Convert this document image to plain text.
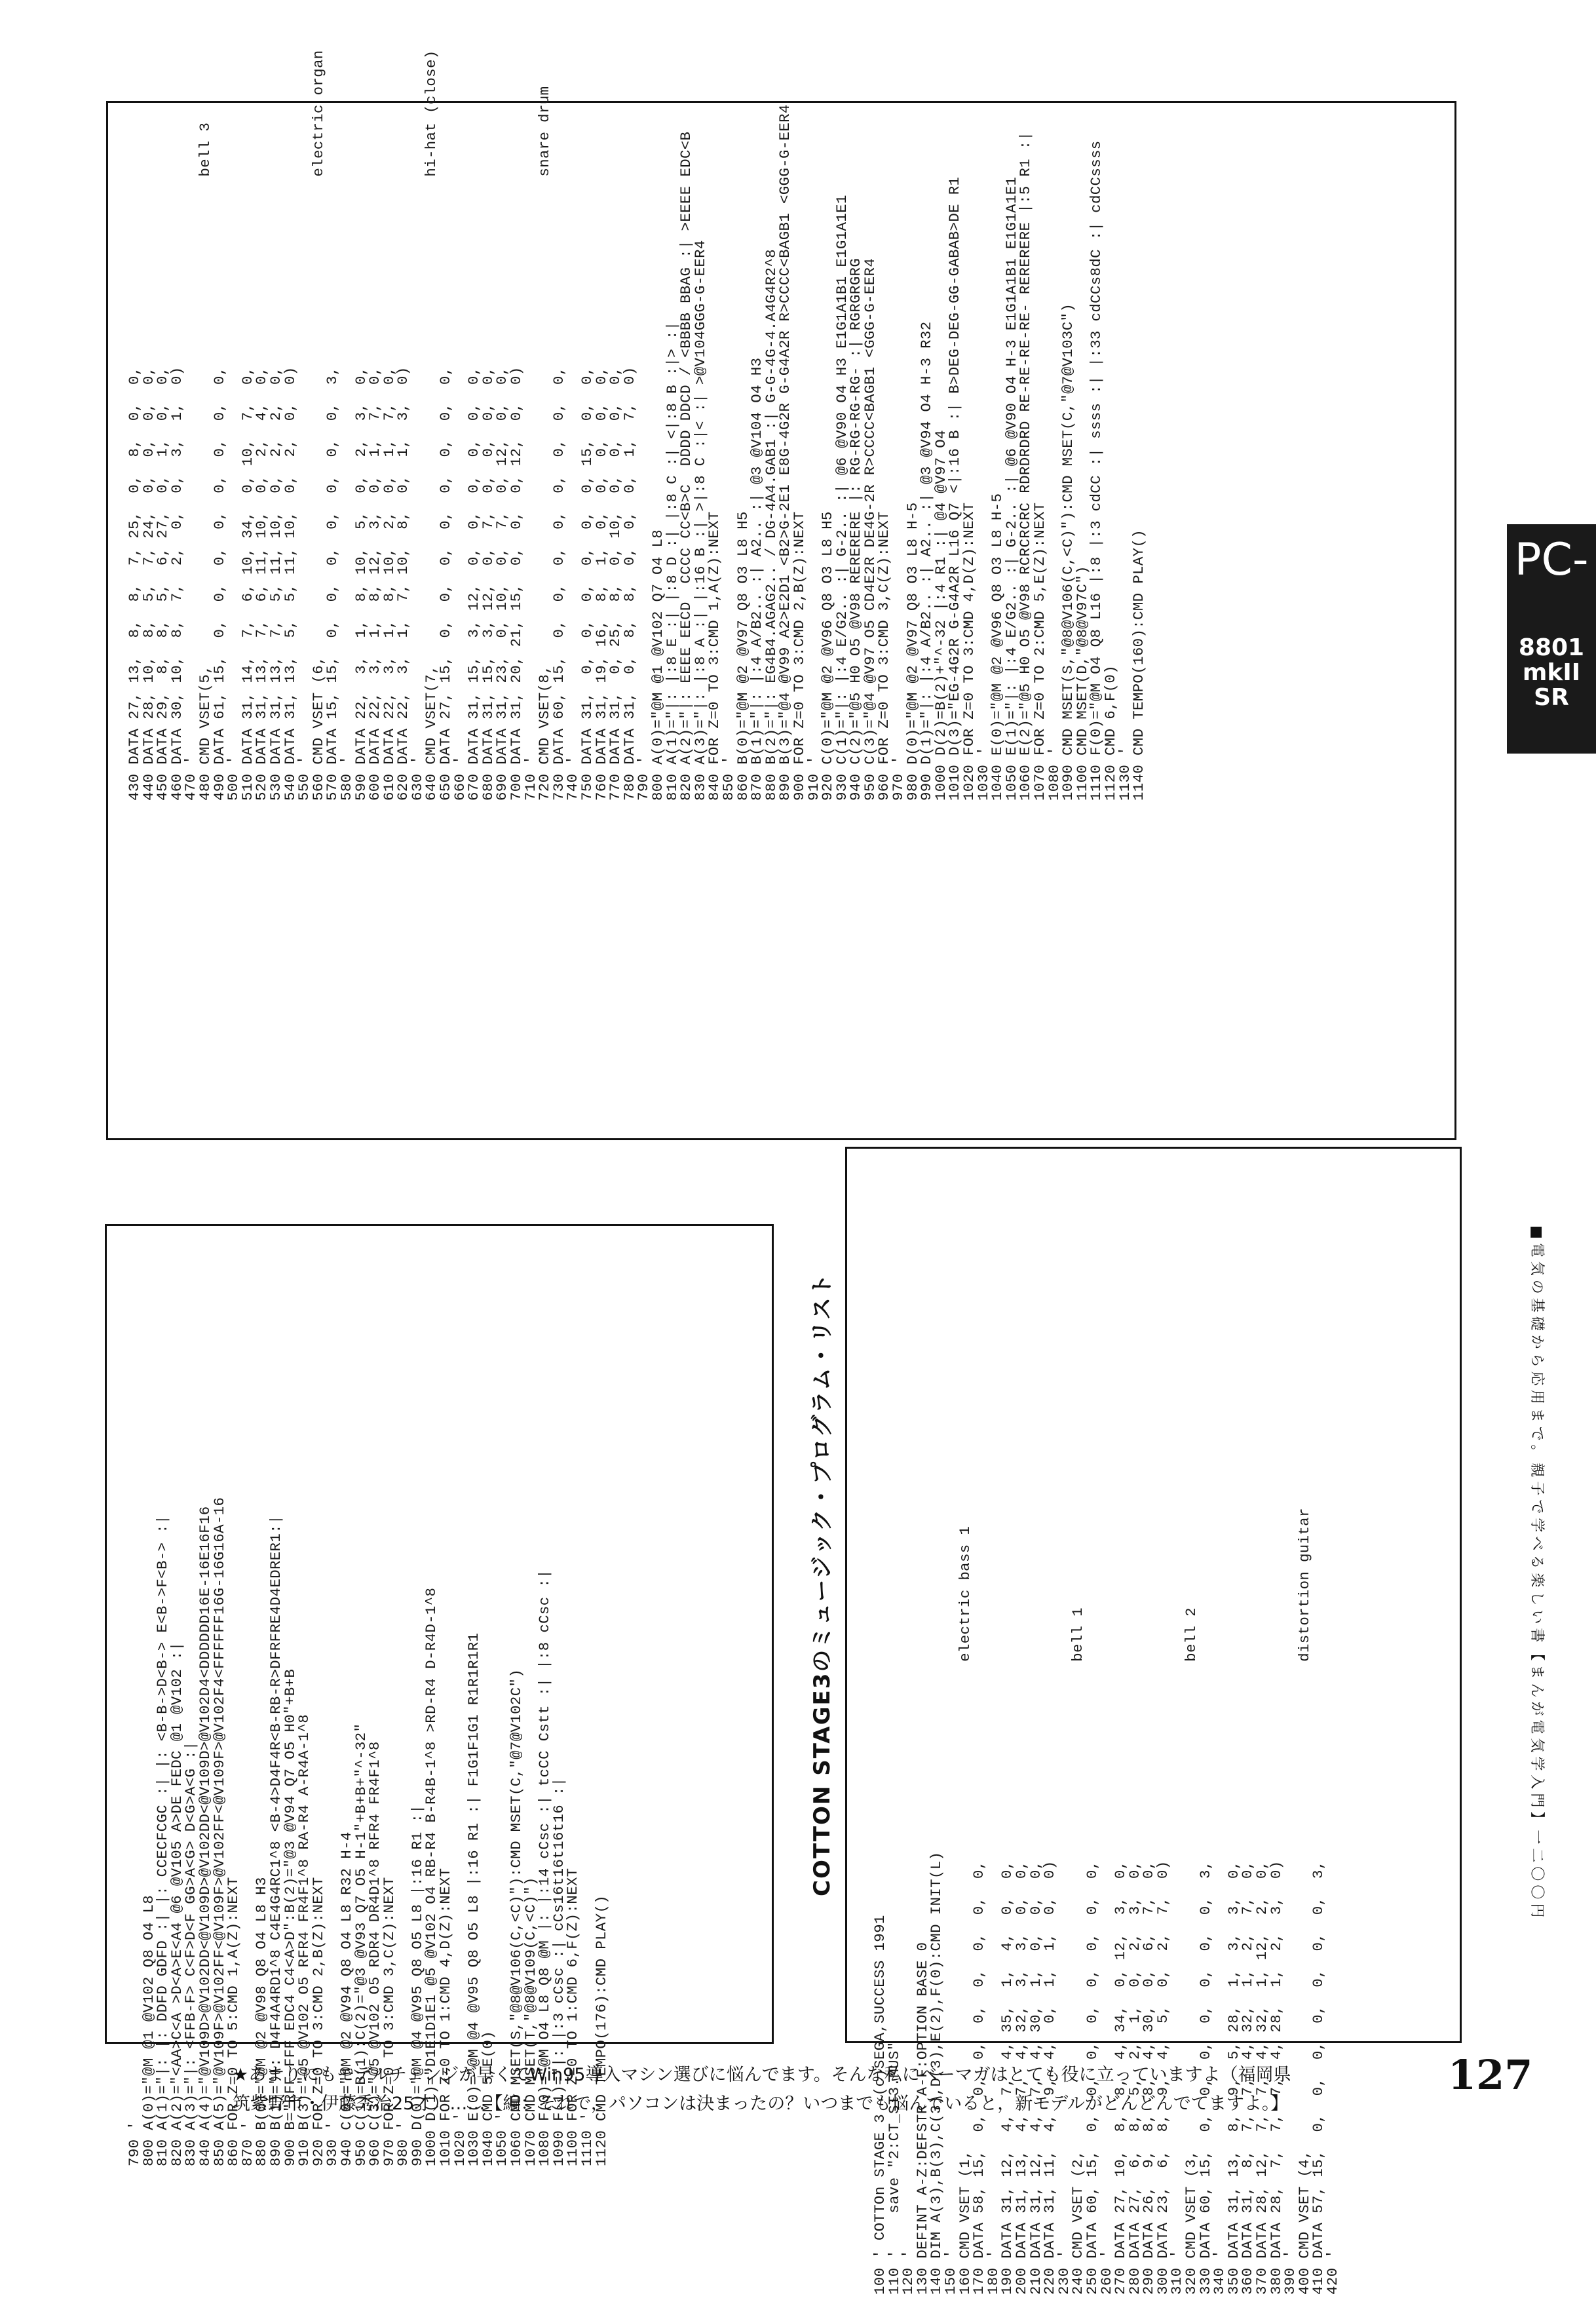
430 DATA 27, 13,  8,  8,  7, 25,  0,  8,  0,  0,
440 DATA 28, 10,  8,  5,  7, 24,  0,  0,  0,  0,
450 DATA 29,  8,  8,  5,  6, 27,  0,  1,  0,  0,
460 DATA 30, 10,  8,  7,  2,  0,  0,  3,  1,  0)
470 '
480 CMD VSET(5,                                                      bell 3
490 DATA 61, 15,  0,  0,  0,  0,  0,  0,  0,  0,
500 '
510 DATA 31, 14,  7,  6, 10, 34,  0, 10,  7,  0,
520 DATA 31, 13,  7,  6, 11, 10,  0,  2,  4,  0,
530 DATA 31, 13,  7,  5, 11, 10,  0,  2,  2,  0,
540 DATA 31, 13,  5,  5, 11, 10,  0,  2,  0,  0)
550 '
560 CMD VSET (6,                                                     electric organ
570 DATA 15, 15,  0,  0,  0,  0,  0,  0,  0,  3,
580 '
590 DATA 22,  3,  1,  8, 10,  5,  0,  2,  3,  0,
600 DATA 22,  3,  1,  8, 12,  3,  0,  1,  7,  0,
610 DATA 22,  3,  1,  8, 10,  2,  0,  1,  7,  0,
620 DATA 22,  3,  1,  7, 10,  8,  0,  1,  3,  0)
630 '
640 CMD VSET(7,                                                      hi-hat (close)
650 DATA 27, 15,  0,  0,  0,  0,  0,  0,  0,  0,
660 '
670 DATA 31, 15,  3, 12,  0,  0,  0,  0,  0,  0,
680 DATA 31, 15,  3, 12,  0,  7,  0,  0,  0,  0,
690 DATA 31, 23,  0, 10,  0,  7,  0, 12,  0,  0,
700 DATA 31, 20, 21, 15,  0,  0,  0, 12,  0,  0)
710 '
720 CMD VSET(8,                                                      snare drum
730 DATA 60, 15,  0,  0,  0,  0,  0,  0,  0,  0,
740 '
750 DATA 31,  0,  0,  0,  0,  0,  0, 15,  0,  0,
760 DATA 31, 19, 16,  8,  1,  0,  0,  0,  0,  0,
770 DATA 31,  0, 25,  8,  0, 10,  0,  0,  0,  0,
780 DATA 31,  0,  8,  8,  0,  0,  0,  1,  7,  0)
790 '
800 A(0)="@M @1 @V102 Q7 O4 L8
810 A(1)="|: |:8 E :| |:8 D :| |:8 C :| <|:8 B :|> :|
820 A(2)="|: EEEE EECD  CCCC CC<B>C  DDDD DDCD / <BBBB BBAG :| >EEEE EDC<B
830 A(3)="|: |:8 A :| |:16 B :| >|:8 C :|< :| >@V104GGG-G-EER4
840 FOR Z=0 TO 3:CMD 1,A(Z):NEXT
850 '
860 B(0)="@M @2 @V97 Q8 O3 L8 H5
870 B(1)="|: |:4 A/B2.. :| A2.. :| @3 @V104 O4 H3
880 B(2)="|: EG4B4.AGAG2.. / DG-4A4.GAB1 :| G-G-4G-4.A4G4R2^8
890 B(3)="@4 @V99 A2>E2D1 <B2>G-2E1 E8G-4G2R G-G4A2R R>CCCC<BAGB1 <GGG-G-EER4
900 FOR Z=0 TO 3:CMD 2,B(Z):NEXT
910 '
920 C(0)="@M @2 @V96 Q8 O3 L8 H5
930 C(1)="|: |:4 E/G2.. :| G-2.. :| @6 @V90 O4 H3 E1G1A1B1 E1G1A1E1
940 C(2)="@5 H0 O5 @V98 RERERERE |: RG-RG-RG-RG- :| RGRGRGRG
950 C(3)="@4 @V97 O5 CD4E2R DE4G-2R R>CCCC<BAGB1 <GGG-G-EER4
960 FOR Z=0 TO 3:CMD 3,C(Z):NEXT
970 '
980 D(0)="@M @2 @V97 Q8 O3 L8 H-5
990 D(1)="|: |:4 A/B2.. :| A2.. :| @3 @V94 O4 H-3 R32
1000 D(2)=B(2)+"^-32 |:4 R1 :| @4 @V97 O4
1010 D(3)="EG-4G2R G-G4A2R L16 Q7 <|:16 B :| B>DEG-DEG-GG-GABAB>DE R1
1020 FOR Z=0 TO 3:CMD 4,D(Z):NEXT
1030 '
1040 E(0)="@M @2 @V96 Q8 O3 L8 H-5
1050 E(1)="|: |:4 E/G2.. :| G-2.. :| @6 @V90 O4 H-3 E1G1A1B1 E1G1A1E1
1060 E(2)="@5 H0 O5 @V98 RCRCRCRC RDRDRDRD RE-RE-RE-RE- RERERERE |:5 R1 :|
1070 FOR Z=0 TO 2:CMD 5,E(Z):NEXT
1080 '
1090 CMD MSET(S,"@8@V106(C,<C)"):CMD MSET(C,"@7@V103C")
1100 CMD MSET(D,"@8@V97C")
1110 F(0)="@M O4 Q8 L16 |:8 |:3 cdCC :| ssss :| |:33 cdCCs8dC :| cdCCssss
1120 CMD 6,F(0)
1130 '
1140 CMD TEMPO(160):CMD PLAY()
790 '
800 A(0)="@M @1 @V102 Q8 O4 L8
810 A(1)="|: |: DDFD GDFD :| |: CCECFCGC :| |: <B-B->D<B-> E<B->F<B-> :|
820 A(2)="<AA>C<A >D<A>E<A4 @6 @V105 A>DE FEDC @1 @V102 :|
830 A(3)="|: <FFB-F> C<F>D<F GG>A<G> D<G>A<G :|
840 A(4)="@V109D>@V102DD<@V109D>@V102DD<@V109D>@V102D4<DDDDDD16E-16E16F16
850 A(5)="@V109F>@V102FF<@V109F>@V102FF<@V109F>@V102F4<FFFFFF16G-16G16A-16
860 FOR Z=0 TO 5:CMD 1,A(Z):NEXT
870 '
880 B(0)="@M @2 @V98 Q8 O4 L8 H3
890 B(1)="|: D4F4A4RD1^8 C4E4G4RC1^8 <B-4>D4F4R<B-RB-R>DFRFRE4D4EDRER1:|
900 B="RFF FFF EDC4 C4<A>D":B(2)="@3 @V94 Q7 O5 H0"+B+B
910 B(3)="@5 @V102 O5 RFR4 FR4F1^8 RA-R4 A-R4A-1^8
920 FOR Z=0 TO 3:CMD 2,B(Z):NEXT
930 '
940 C(0)="@M @2 @V94 Q8 O4 L8 R32 H-4
950 C(1)=B(1):C(2)="@3 @V93 Q7 O5 H-1"+B+B+"^-32"
960 C(3)="@5 @V102 O5 RDR4 DR4D1^8 RFR4 FR4F1^8
970 FOR Z=0 TO 3:CMD 3,C(Z):NEXT
980 '
990 D(0)="@M @4 @V95 Q8 O5 L8 |:16 R1 :|
1000 D(1)="D1E1D1E1 @5 @V102 O4 RB-R4 B-R4B-1^8 >RD-R4 D-R4D-1^8
1010 FOR Z=0 TO 1:CMD 4,D(Z):NEXT
1020 '
1030 E(0)="@M @4 @V95 Q8 O5 L8 |:16 R1 :| F1G1F1G1 R1R1R1R1
1040 CMD 5,E(0)
1050 '
1060 CMD MSET(S,"@8@V106(C,<C)"):CMD MSET(C,"@7@V102C")
1070 CMD MSET(T,"@8@V109(C,<C)")
1080 F(0)="@M O4 L8 Q8 @M |: |:14 cCsc :| tcCC Cstt :| |:8 cCsc :|
1090 F(1)="|: |:3 cCsc :| cCs16t16t16t16 :|
1100 FOR Z=0 TO 1:CMD 6,F(Z):NEXT
1110 '
1120 CMD TEMPO(176):CMD PLAY()
COTTON STAGE3のミュージック・プログラム・リスト
100 ' COTTOn STAGE 3  (c)SEGA,SUCCESS 1991
110 '    save "2:CT_ST3.MUS"
120 '
130 DEFINT A-Z:DEFSTR A-F:OPTION BASE 0
140 DIM A(3),B(3),C(3),D(3),E(2),F(0):CMD INIT(L)
150 '
160 CMD VSET (1,                                                      electric bass 1
170 DATA 58, 15,  0,  0,  0,  0,  0,  0,  0,  0,
180 '
190 DATA 31, 12,  4,  7,  4, 35,  1,  4,  0,  0,
200 DATA 31, 13,  4,  7,  4, 32,  3,  3,  0,  0,
210 DATA 31, 12,  4,  7,  4, 30,  1,  0,  0,  0,
220 DATA 31, 11,  4,  9,  4,  0,  1,  1,  0,  0)
230 '
240 CMD VSET (2,                                                      bell 1
250 DATA 60, 15,  0,  0,  0,  0,  0,  0,  0,  0,
260 '
270 DATA 27, 10,  8,  8,  4, 34,  0, 12,  3,  0,
280 DATA 27,  6,  8,  5,  2,  1,  0,  2,  3,  0,
290 DATA 26,  9,  8,  8,  4, 30,  0,  6,  7,  0,
300 DATA 23,  6,  8,  9,  4,  5,  0,  2,  7,  0)
310 '
320 CMD VSET (3,                                                      bell 2
330 DATA 60, 15,  0,  0,  0,  0,  0,  0,  0,  3,
340 '
350 DATA 31, 13,  8,  9,  5, 28,  1,  3,  3,  0,
360 DATA 31,  8,  7,  7,  4, 32,  1,  2,  7,  0,
370 DATA 28, 12,  7,  7,  4, 32,  1, 12,  2,  0,
380 DATA 28,  7,  7,  7,  4, 28,  1,  2,  3,  0)
390 '
400 CMD VSET (4,                                                      distortion guitar
410 DATA 57, 15,  0,  0,  0,  0,  0,  0,  0,  3,
420 '
PC-
8801
mkII
SR
■電気の基礎から応用まで。親子で学べる楽しい書【まんが電気学入門】一二〇〇円
★あまりにもモデルチェンジが早くてWin95導入マシン選びに悩んでます。そんな私にベーマガはとても役に立っていますよ（福岡県
筑紫野市・伊藤秀治25才）……【編：それで，パソコンは決まったの？いつまでも悩んでいると，新モデルがどんどんでてますよ。】
127
